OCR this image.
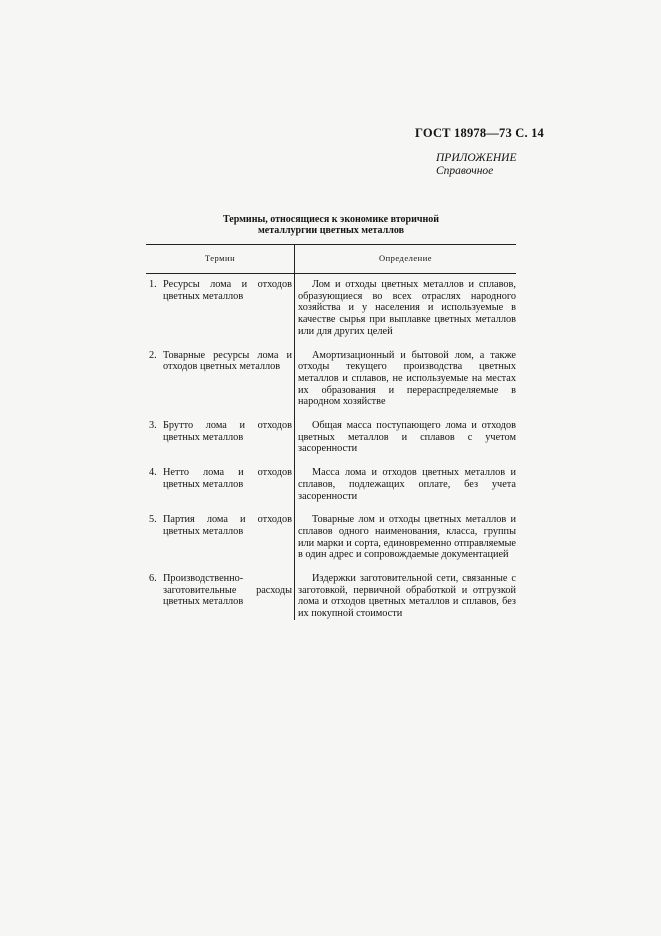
ГОСТ 18978—73 С. 14
ПРИЛОЖЕНИЕ
Справочное
Термины, относящиеся к экономике вторичной
металлургии цветных металлов
Термин	Определение

1. Ресурсы лома и отходов цветных металлов	Лом и отходы цветных металлов и сплавов, образующиеся во всех отраслях народного хозяйства и у населения и используемые в качестве сырья при выплавке цветных металлов или для других целей

2. Товарные ресурсы лома и отходов цветных металлов	Амортизационный и бытовой лом, а также отходы текущего производства цветных металлов и сплавов, не используемые на местах их образования и перераспределяемые в народном хозяйстве

3. Брутто лома и отходов цветных металлов	Общая масса поступающего лома и отходов цветных металлов и сплавов с учетом засоренности

4. Нетто лома и отходов цветных металлов	Масса лома и отходов цветных металлов и сплавов, подлежащих оплате, без учета засоренности

5. Партия лома и отходов цветных металлов	Товарные лом и отходы цветных металлов и сплавов одного наименования, класса, группы или марки и сорта, единовременно отправляемые в один адрес и сопровождаемые документацией

6. Производственно-заготовительные расходы цветных металлов	Издержки заготовительной сети, связанные с заготовкой, первичной обработкой и отгрузкой лома и отходов цветных металлов и сплавов, без их покупной стоимости
